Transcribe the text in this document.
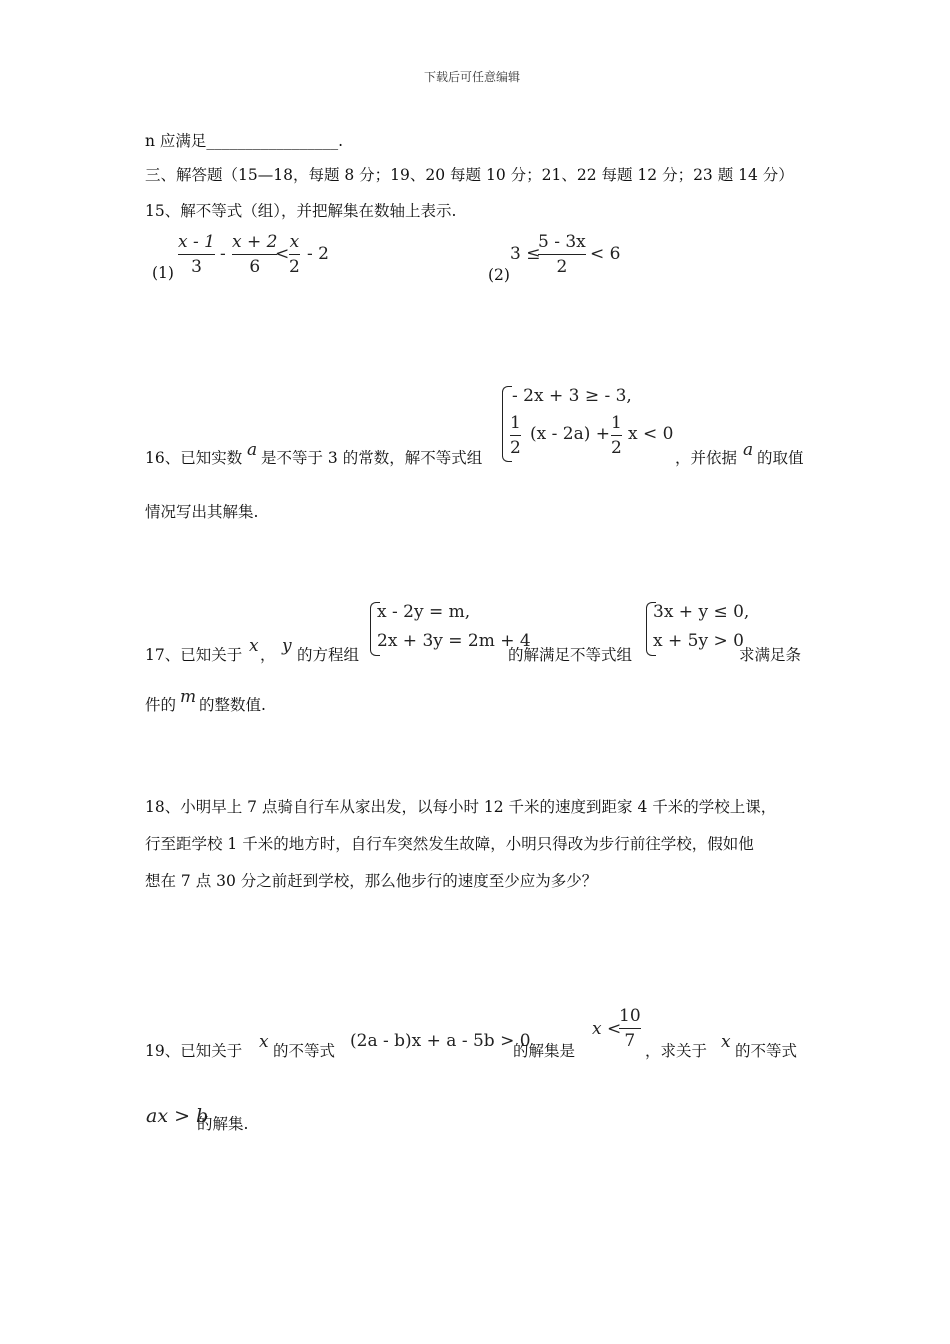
下载后可任意编辑
n 应满足_________________.
三、解答题（15—18，每题 8 分；19、20 每题 10 分；21、22 每题 12 分；23 题 14 分）
15、解不等式（组），并把解集在数轴上表示.
(1)
x - 1
3
-
x + 2
6
<
x
2
- 2
(2)
3 ≤
5 - 3x
2
< 6
16、已知实数 a 是不等于 3 的常数，解不等式组
- 2x + 3 ≥ - 3,
1
2
(x - 2a) +
1
2
x < 0
，并依据 a 的取值
情况写出其解集.
17、已知关于 x ， y 的方程组
x - 2y = m,
2x + 3y = 2m + 4
的解满足不等式组
3x + y ≤ 0,
x + 5y > 0
求满足条
件的 m 的整数值.
18、小明早上 7 点骑自行车从家出发，以每小时 12 千米的速度到距家 4 千米的学校上课，
行至距学校 1 千米的地方时，自行车突然发生故障，小明只得改为步行前往学校，假如他
想在 7 点 30 分之前赶到学校，那么他步行的速度至少应为多少？
19、已知关于 x 的不等式 (2a - b)x + a - 5b > 0
的解集是
x <
10
7 ，求关于 x 的不等式
ax > b
的解集.
